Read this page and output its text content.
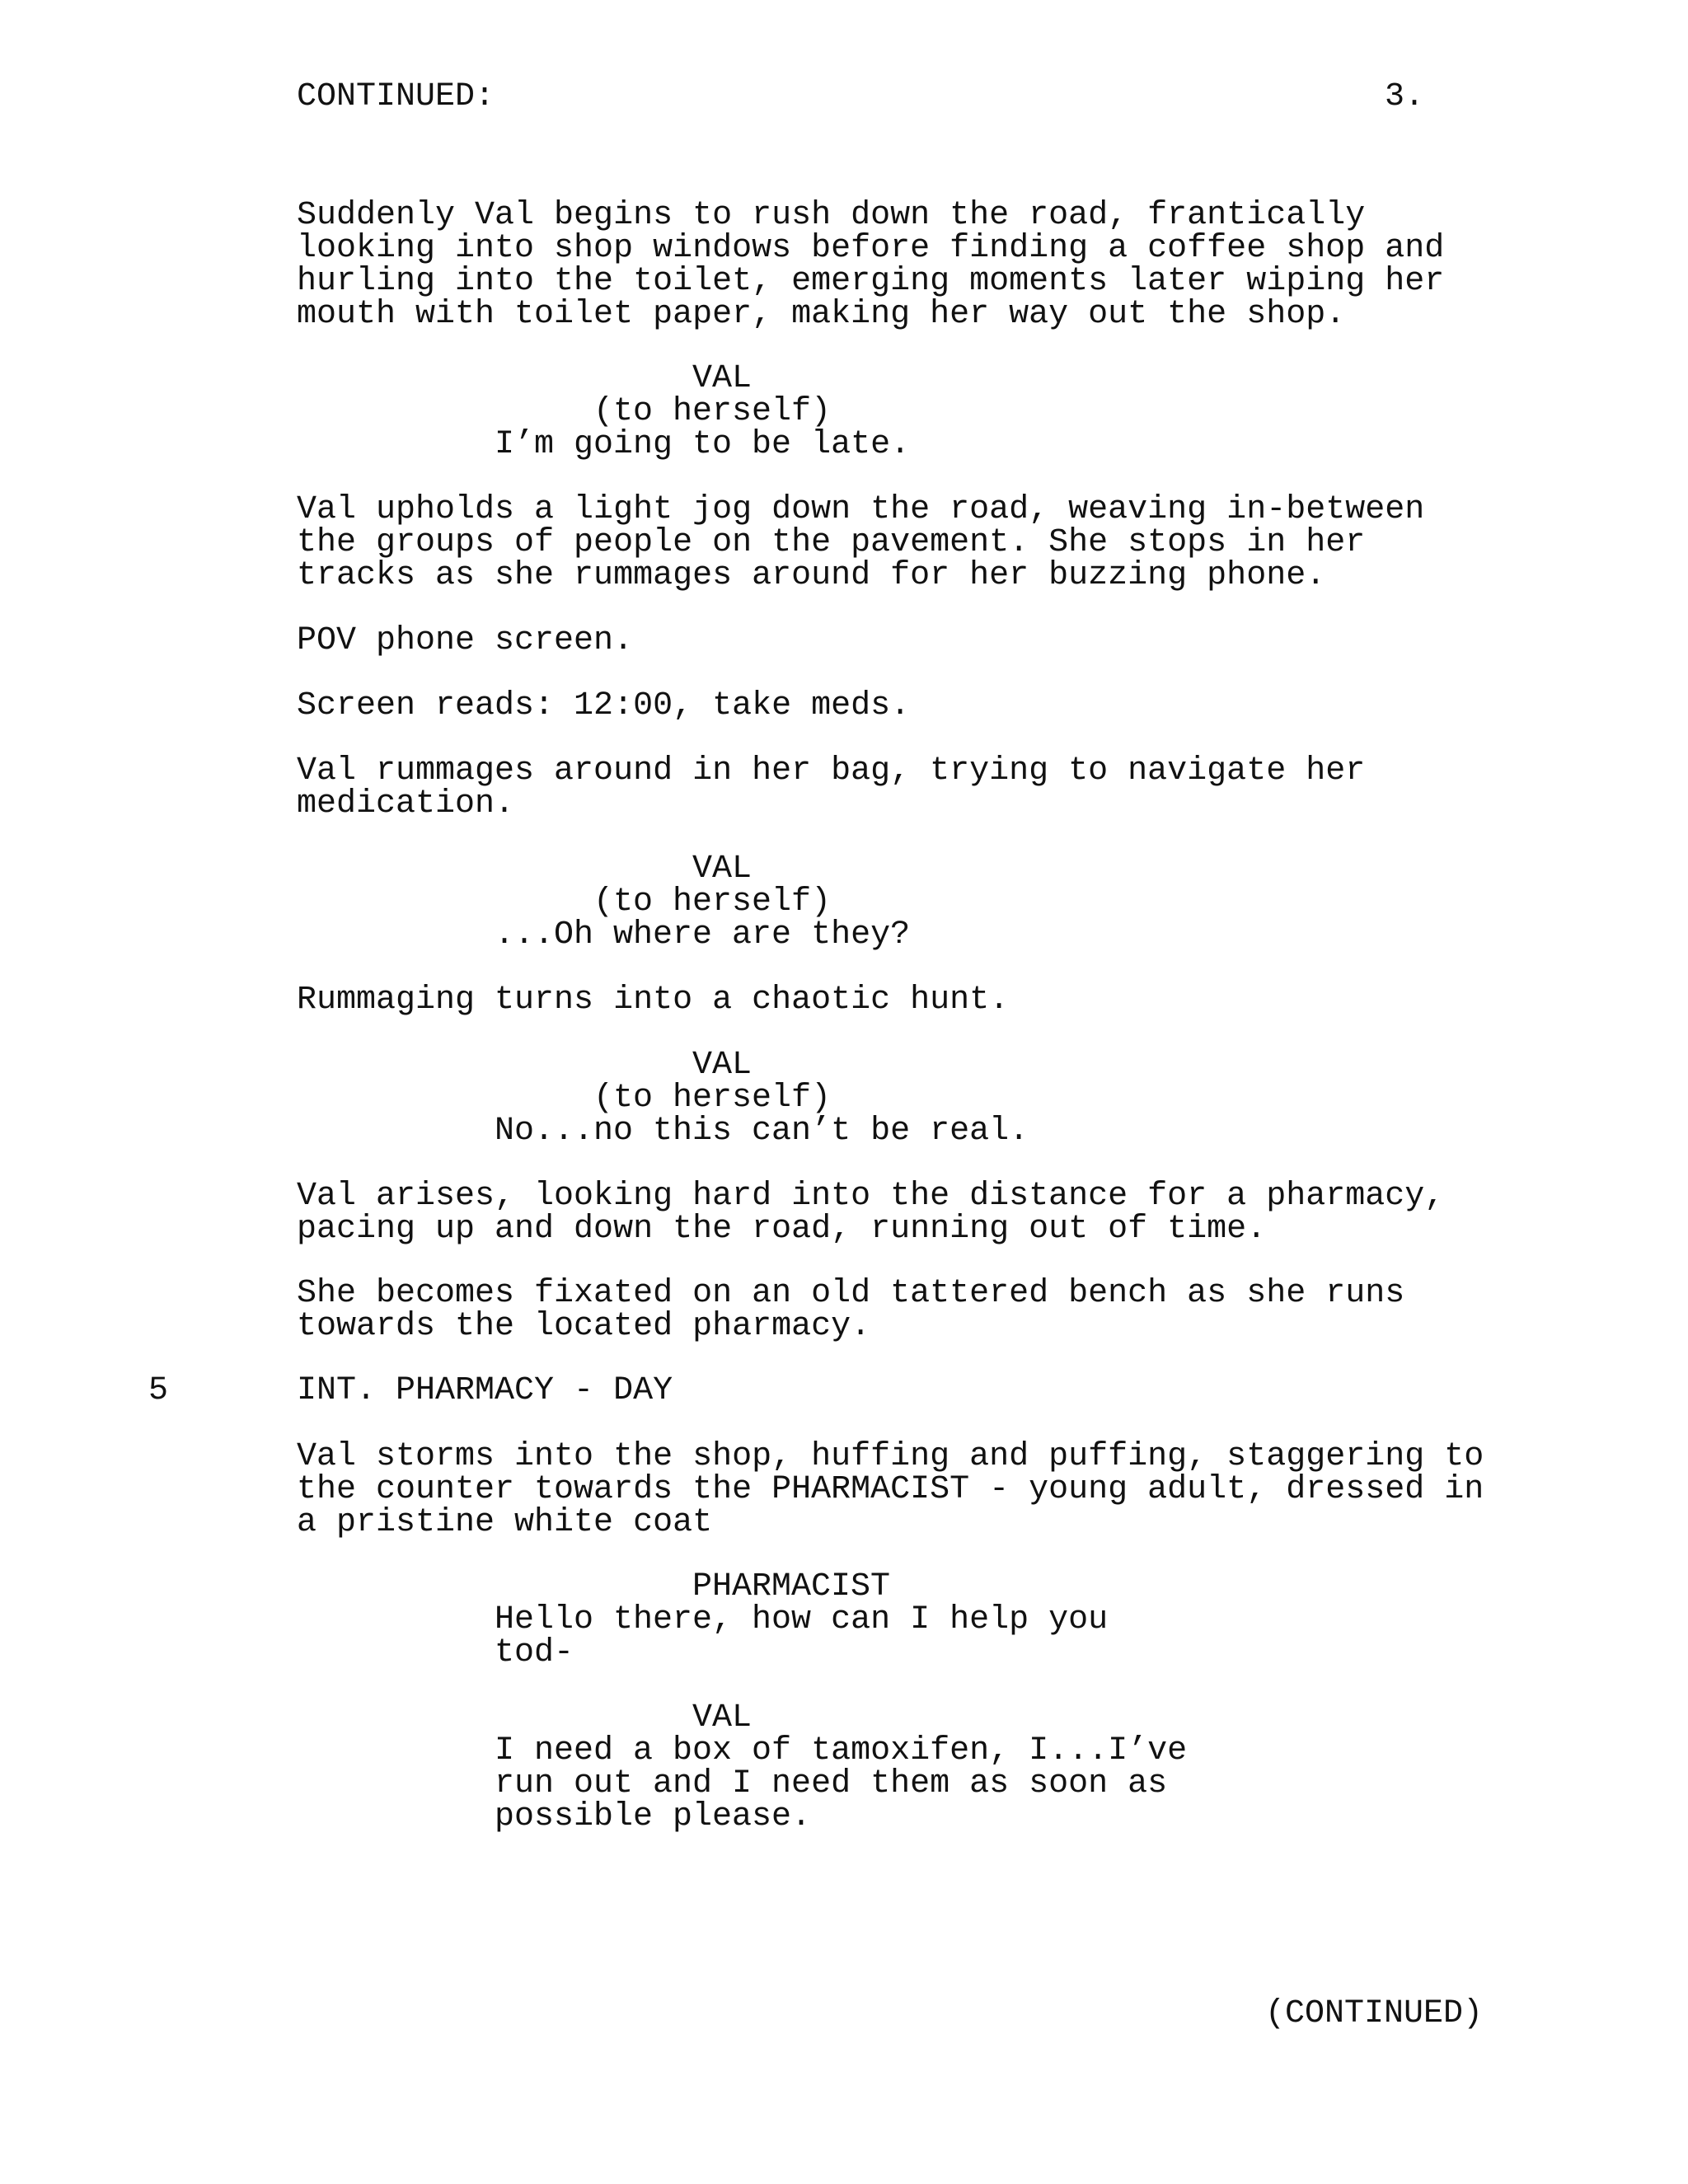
CONTINUED:	3.
Suddenly Val begins to rush down the road, frantically
looking into shop windows before finding a coffee shop and
hurling into the toilet, emerging moments later wiping her
mouth with toilet paper, making her way out the shop.
VAL
(to herself)
I’m going to be late.
Val upholds a light jog down the road, weaving in-between
the groups of people on the pavement. She stops in her
tracks as she rummages around for her buzzing phone.
POV phone screen.
Screen reads: 12:00, take meds.
Val rummages around in her bag, trying to navigate her
medication.
VAL
(to herself)
...Oh where are they?
Rummaging turns into a chaotic hunt.
VAL
(to herself)
No...no this can’t be real.
Val arises, looking hard into the distance for a pharmacy,
pacing up and down the road, running out of time.
She becomes fixated on an old tattered bench as she runs
towards the located pharmacy.
5	INT. PHARMACY - DAY
Val storms into the shop, huffing and puffing, staggering to
the counter towards the PHARMACIST - young adult, dressed in
a pristine white coat
PHARMACIST
Hello there, how can I help you
tod-
VAL
I need a box of tamoxifen, I...I’ve
run out and I need them as soon as
possible please.
(CONTINUED)
